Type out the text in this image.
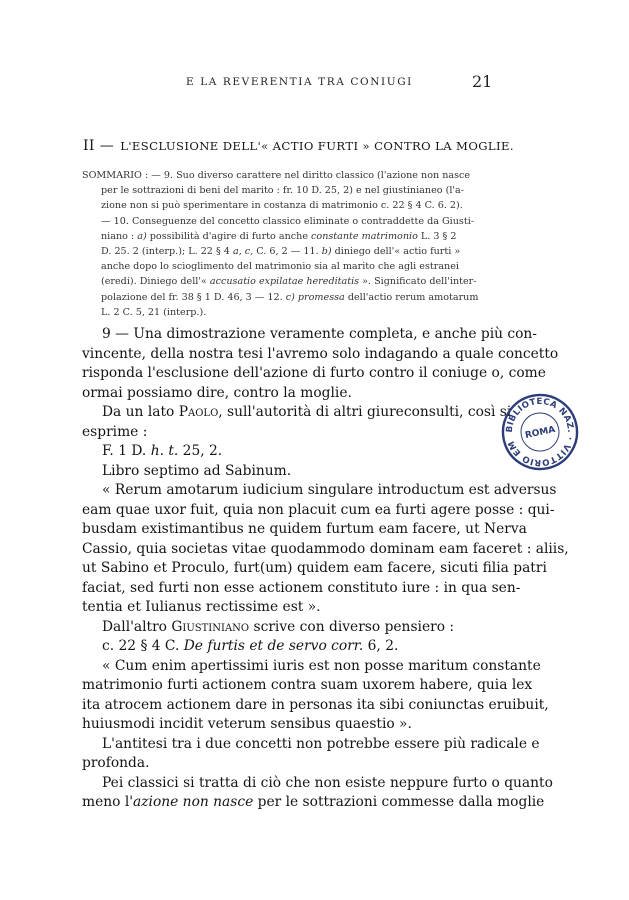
E LA REVERENTIA TRA CONIUGI	21
II — L'ESCLUSIONE DELL'« ACTIO FURTI » CONTRO LA MOGLIE.

SOMMARIO : — 9. Suo diverso carattere nel diritto classico (l'azione non nasce

per le sottrazioni di beni del marito : fr. 10 D. 25, 2) e nel giustinianeo (l'a-

zione non si può sperimentare in costanza di matrimonio c. 22 § 4 C. 6. 2).

— 10. Conseguenze del concetto classico eliminate o contraddette da Giusti-

niano : a) possibilità d'agire di furto anche constante matrimonio L. 3 § 2

D. 25. 2 (interp.); L. 22 § 4 a, c, C. 6, 2 — 11. b) diniego dell'« actio furti »

anche dopo lo scioglimento del matrimonio sia al marito che agli estranei

(eredi). Diniego dell'« accusatio expilatae hereditatis ». Significato dell'inter-

polazione del fr. 38 § 1 D. 46, 3 — 12. c) promessa dell'actio rerum amotarum

L. 2 C. 5, 21 (interp.).

9 — Una dimostrazione veramente completa, e anche più con-

vincente, della nostra tesi l'avremo solo indagando a quale concetto

risponda l'esclusione dell'azione di furto contro il coniuge o, come

ormai possiamo dire, contro la moglie.

Da un lato Paolo, sull'autorità di altri giureconsulti, così si

esprime :

F. 1 D. h. t. 25, 2.

Libro septimo ad Sabinum.

« Rerum amotarum iudicium singulare introductum est adversus

eam quae uxor fuit, quia non placuit cum ea furti agere posse : qui-

busdam existimantibus ne quidem furtum eam facere, ut Nerva

Cassio, quia societas vitae quodammodo dominam eam faceret : aliis,

ut Sabino et Proculo, furt(um) quidem eam facere, sicuti filia patri

faciat, sed furti non esse actionem constituto iure : in qua sen-

tentia et Iulianus rectissime est ».

Dall'altro Giustiniano scrive con diverso pensiero :

c. 22 § 4 C. De furtis et de servo corr. 6, 2.

« Cum enim apertissimi iuris est non posse maritum constante

matrimonio furti actionem contra suam uxorem habere, quia lex

ita atrocem actionem dare in personas ita sibi coniunctas eruibuit,

huiusmodi incidit veterum sensibus quaestio ».

L'antitesi tra i due concetti non potrebbe essere più radicale e

profonda.

Pei classici si tratta di ciò che non esiste neppure furto o quanto

meno l'azione non nasce per le sottrazioni commesse dalla moglie

BIBLIOTECA NAZ. · VITTORIO EMANUELE
ROMA
